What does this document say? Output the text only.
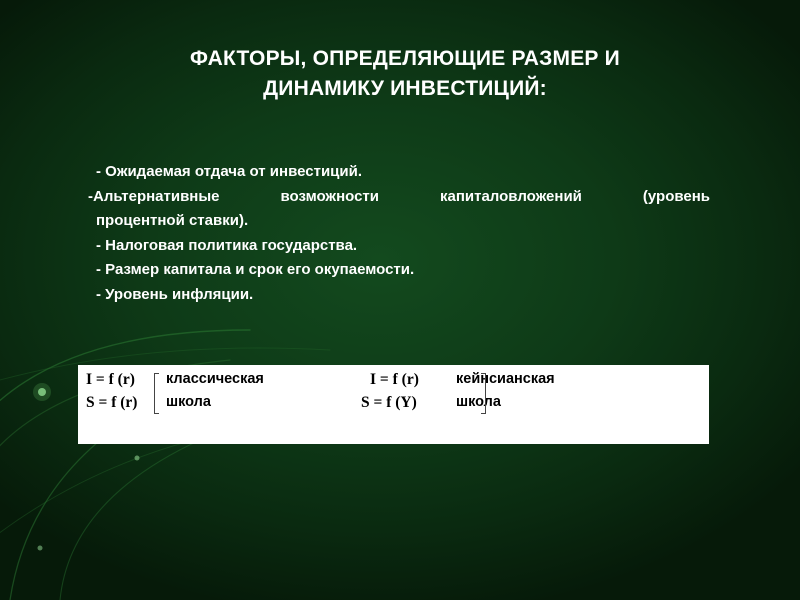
ФАКТОРЫ, ОПРЕДЕЛЯЮЩИЕ РАЗМЕР И
ДИНАМИКУ ИНВЕСТИЦИЙ:
- Ожидаемая отдача от инвестиций.
-Альтернативные возможности капиталовложений (уровень
процентной ставки).
- Налоговая политика государства.
- Размер капитала и срок его окупаемости.
- Уровень инфляции.
I = f (r)
S = f (r)
классическая
школа
I = f (r)
S = f (Y)
кейнсианская
школа
